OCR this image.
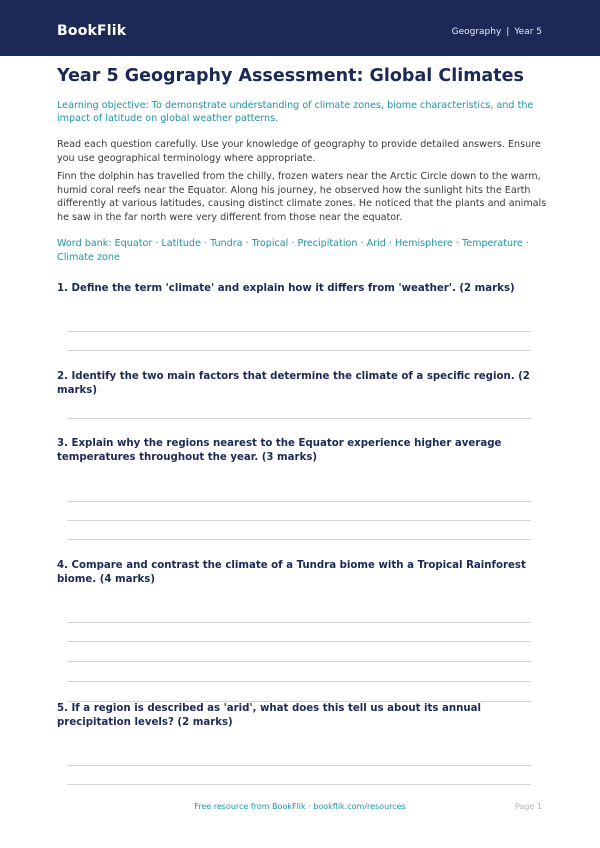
BookFlik	Geography | Year 5
Year 5 Geography Assessment: Global Climates

Learning objective: To demonstrate understanding of climate zones, biome characteristics, and the impact of latitude on global weather patterns.

Read each question carefully. Use your knowledge of geography to provide detailed answers. Ensure you use geographical terminology where appropriate.

Finn the dolphin has travelled from the chilly, frozen waters near the Arctic Circle down to the warm, humid coral reefs near the Equator. Along his journey, he observed how the sunlight hits the Earth differently at various latitudes, causing distinct climate zones. He noticed that the plants and animals he saw in the far north were very different from those near the equator.

Word bank: Equator · Latitude · Tundra · Tropical · Precipitation · Arid · Hemisphere · Temperature · Climate zone

1. Define the term 'climate' and explain how it differs from 'weather'. (2 marks)

2. Identify the two main factors that determine the climate of a specific region. (2 marks)

3. Explain why the regions nearest to the Equator experience higher average temperatures throughout the year. (3 marks)

4. Compare and contrast the climate of a Tundra biome with a Tropical Rainforest biome. (4 marks)

5. If a region is described as 'arid', what does this tell us about its annual precipitation levels? (2 marks)

Free resource from BookFlik · bookflik.com/resources	Page 1
